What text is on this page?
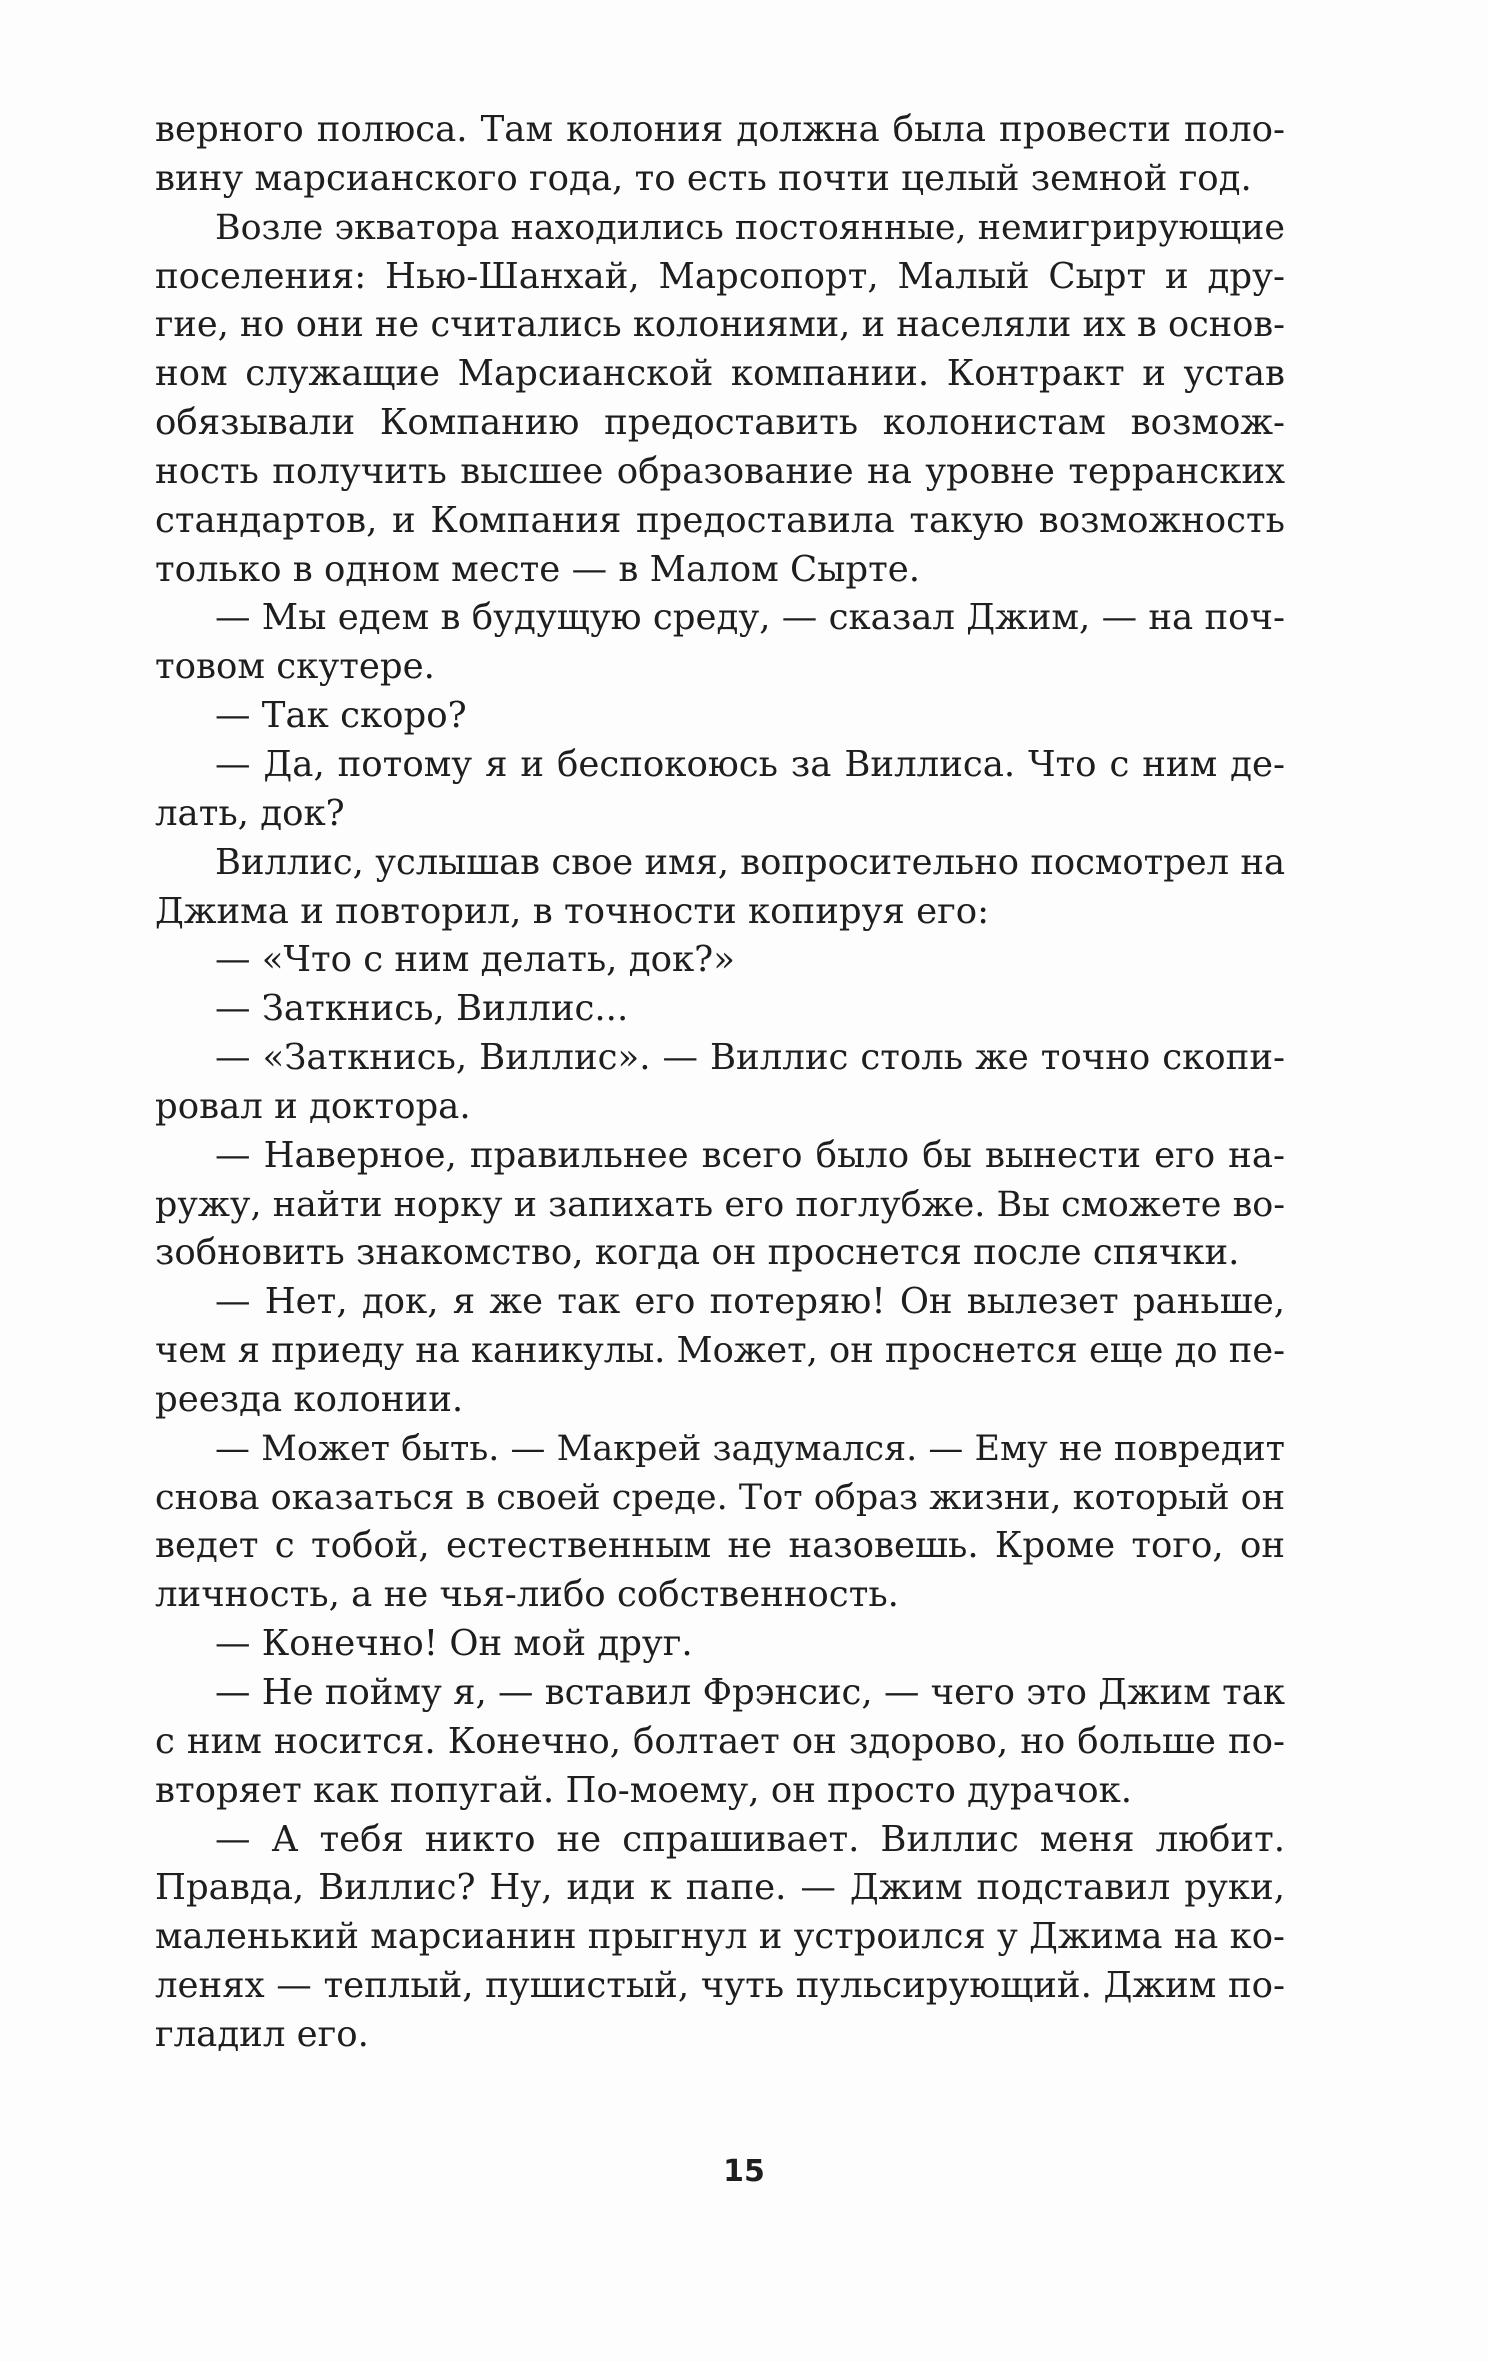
верного полюса. Там колония должна была провести поло-
вину марсианского года, то есть почти целый земной год.
Возле экватора находились постоянные, немигрирующие
поселения: Нью-Шанхай, Марсопорт, Малый Сырт и дру-
гие, но они не считались колониями, и населяли их в основ-
ном служащие Марсианской компании. Контракт и устав
обязывали Компанию предоставить колонистам возмож-
ность получить высшее образование на уровне терранских
стандартов, и Компания предоставила такую возможность
только в одном месте — в Малом Сырте.
— Мы едем в будущую среду, — сказал Джим, — на поч-
товом скутере.
— Так скоро?
— Да, потому я и беспокоюсь за Виллиса. Что с ним де-
лать, док?
Виллис, услышав свое имя, вопросительно посмотрел на
Джима и повторил, в точности копируя его:
— «Что с ним делать, док?»
— Заткнись, Виллис...
— «Заткнись, Виллис». — Виллис столь же точно скопи-
ровал и доктора.
— Наверное, правильнее всего было бы вынести его на-
ружу, найти норку и запихать его поглубже. Вы сможете во-
зобновить знакомство, когда он проснется после спячки.
— Нет, док, я же так его потеряю! Он вылезет раньше,
чем я приеду на каникулы. Может, он проснется еще до пе-
реезда колонии.
— Может быть. — Макрей задумался. — Ему не повредит
снова оказаться в своей среде. Тот образ жизни, который он
ведет с тобой, естественным не назовешь. Кроме того, он
личность, а не чья-либо собственность.
— Конечно! Он мой друг.
— Не пойму я, — вставил Фрэнсис, — чего это Джим так
с ним носится. Конечно, болтает он здорово, но больше по-
вторяет как попугай. По-моему, он просто дурачок.
— А тебя никто не спрашивает. Виллис меня любит.
Правда, Виллис? Ну, иди к папе. — Джим подставил руки,
маленький марсианин прыгнул и устроился у Джима на ко-
ленях — теплый, пушистый, чуть пульсирующий. Джим по-
гладил его.
15
